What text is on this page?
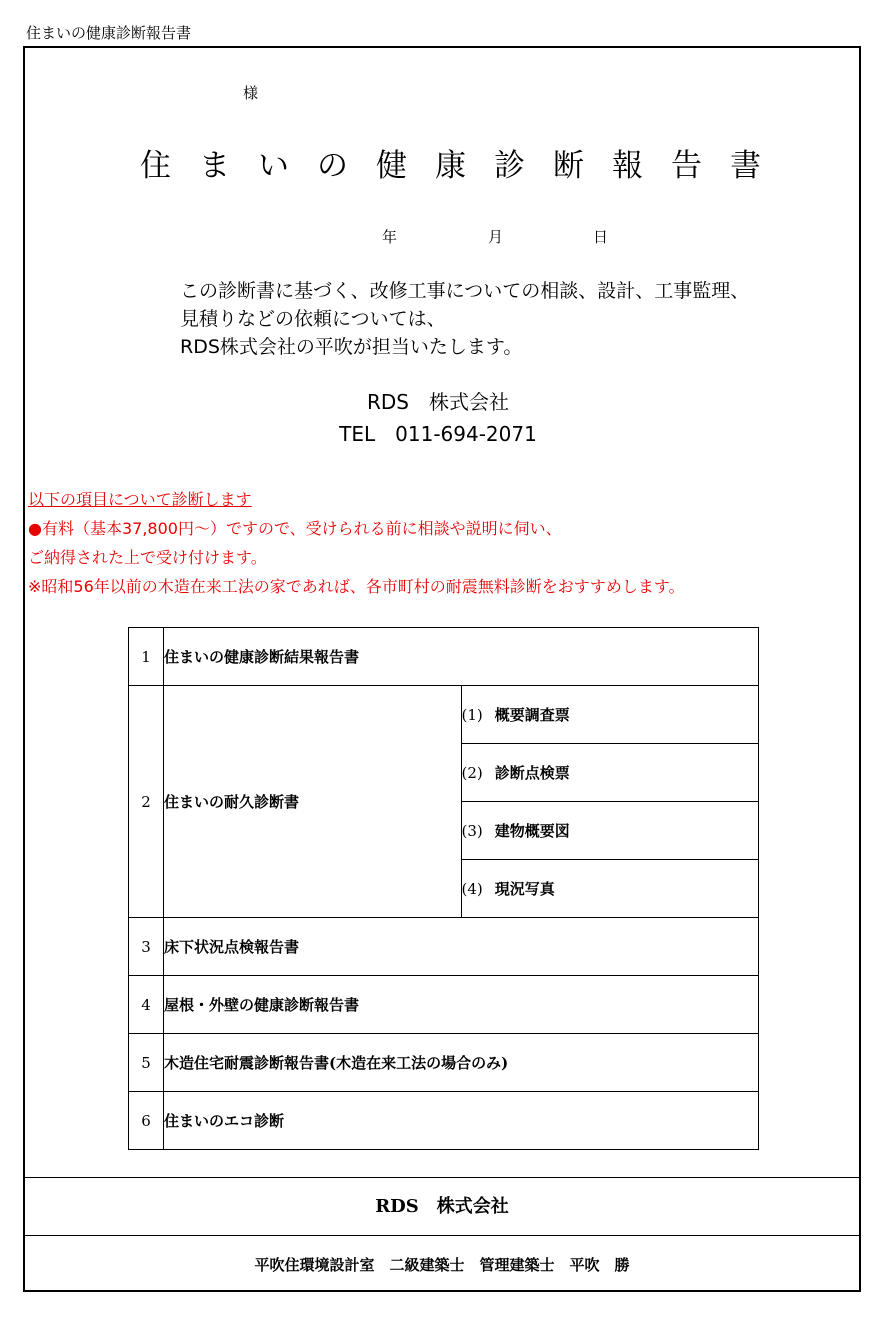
住まいの健康診断報告書
様
住まいの健康診断報告書
年	月	日
この診断書に基づく、改修工事についての相談、設計、工事監理、
見積りなどの依頼については、
RDS株式会社の平吹が担当いたします。
RDS　株式会社
TEL　011-694-2071
以下の項目について診断します
●有料（基本37,800円～）ですので、受けられる前に相談や説明に伺い、
ご納得された上で受け付けます。
※昭和56年以前の木造在来工法の家であれば、各市町村の耐震無料診断をおすすめします。
1	住まいの健康診断結果報告書	
2	住まいの耐久診断書	(1) 概要調査票
		(2) 診断点検票
		(3) 建物概要図
		(4) 現況写真
3	床下状況点検報告書	
4	屋根・外壁の健康診断報告書	
5	木造住宅耐震診断報告書(木造在来工法の場合のみ)	
6	住まいのエコ診断	
RDS　株式会社
平吹住環境設計室　二級建築士　管理建築士　平吹　勝
